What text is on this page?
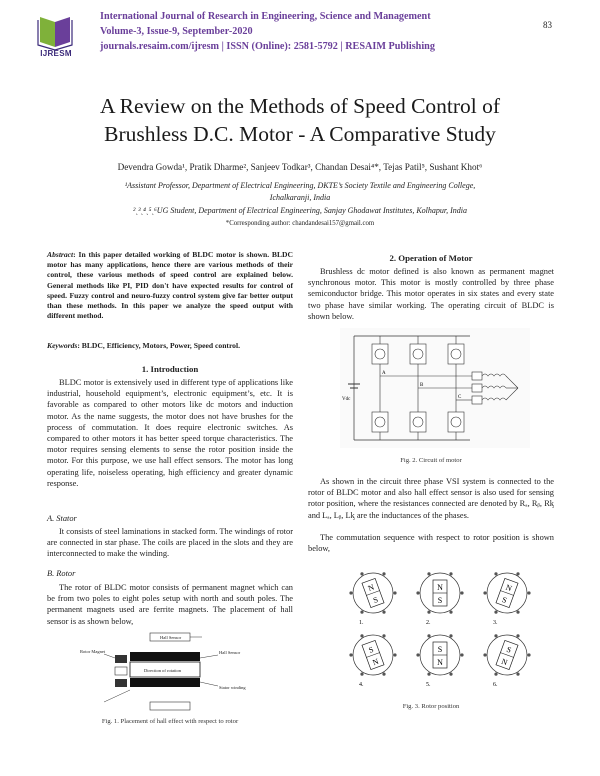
IJRESM
International Journal of Research in Engineering, Science and Management
Volume-3, Issue-9, September-2020
journals.resaim.com/ijresm | ISSN (Online): 2581-5792 | RESAIM Publishing
83
A Review on the Methods of Speed Control of
Brushless D.C. Motor - A Comparative Study
Devendra Gowda¹, Pratik Dharme², Sanjeev Todkar³, Chandan Desai⁴*, Tejas Patil⁵, Sushant Khot⁶
¹Assistant Professor, Department of Electrical Engineering, DKTE’s Society Textile and Engineering College,
Ichalkaranji, India
²ˎ³ˎ⁴ˎ⁵ˎ⁶UG Student, Department of Electrical Engineering, Sanjay Ghodawat Institutes, Kolhapur, India
*Corresponding author: chandandesai157@gmail.com
Abstract: In this paper detailed working of BLDC motor is shown. BLDC motor has many applications, hence there are various methods of their control, these various methods of speed control are explained below. General methods like PI, PID don't have expected results for control of speed. Fuzzy control and neuro-fuzzy control system give far better output than these methods. In this paper we analyze the speed output with different method.
Keywords: BLDC, Efficiency, Motors, Power, Speed control.
1. Introduction

BLDC motor is extensively used in different type of applications like industrial, household equipment’s, electronic equipment’s, etc. It is favorable as compared to other motors like dc motors and induction motor. As the name suggests, the motor does not have brushes for the process of commutation. It does require electronic switches. As compared to other motors it has better speed torque characteristics. The motor requires sensing elements to sense the rotor position inside the motor. For this purpose, we use hall effect sensors. The motor has long operating life, noiseless operating, high efficiency and greater dynamic response.

A. Stator

It consists of steel laminations in stacked form. The windings of rotor are connected in star phase. The coils are placed in the slots and they are interconnected to make the winding.

B. Rotor

The rotor of BLDC motor consists of permanent magnet which can be from two poles to eight poles setup with north and south poles. The permanent magnets used are ferrite magnets. The placement of hall sensor is as shown below,

Hall Sensor
Rotor Magnet
Direction of rotation
Hall Sensor
Stator winding
Fig. 1. Placement of hall effect with respect to rotor
2. Operation of Motor

Brushless dc motor defined is also known as permanent magnet synchronous motor. This motor is mostly controlled by three phase semiconductor bridge. This motor operates in six states and every state two phase have similar working. The operating circuit of BLDC is shown below.

Vdc
A
B
C
Fig. 2. Circuit of motor

As shown in the circuit three phase VSI system is connected to the rotor of BLDC motor and also hall effect sensor is also used for sensing rotor position, where the resistances connected are denoted by Rₐ, Rᵦ, Rᶄ and Lₐ, Lᵦ, Lᶄ are the inductances of the phases.

The commutation sequence with respect to rotor position is shown below,

N
S
1.
N
S
2.
N
S
3.
S
N
4.
S
N
5.
S
N
6.
Fig. 3. Rotor position
